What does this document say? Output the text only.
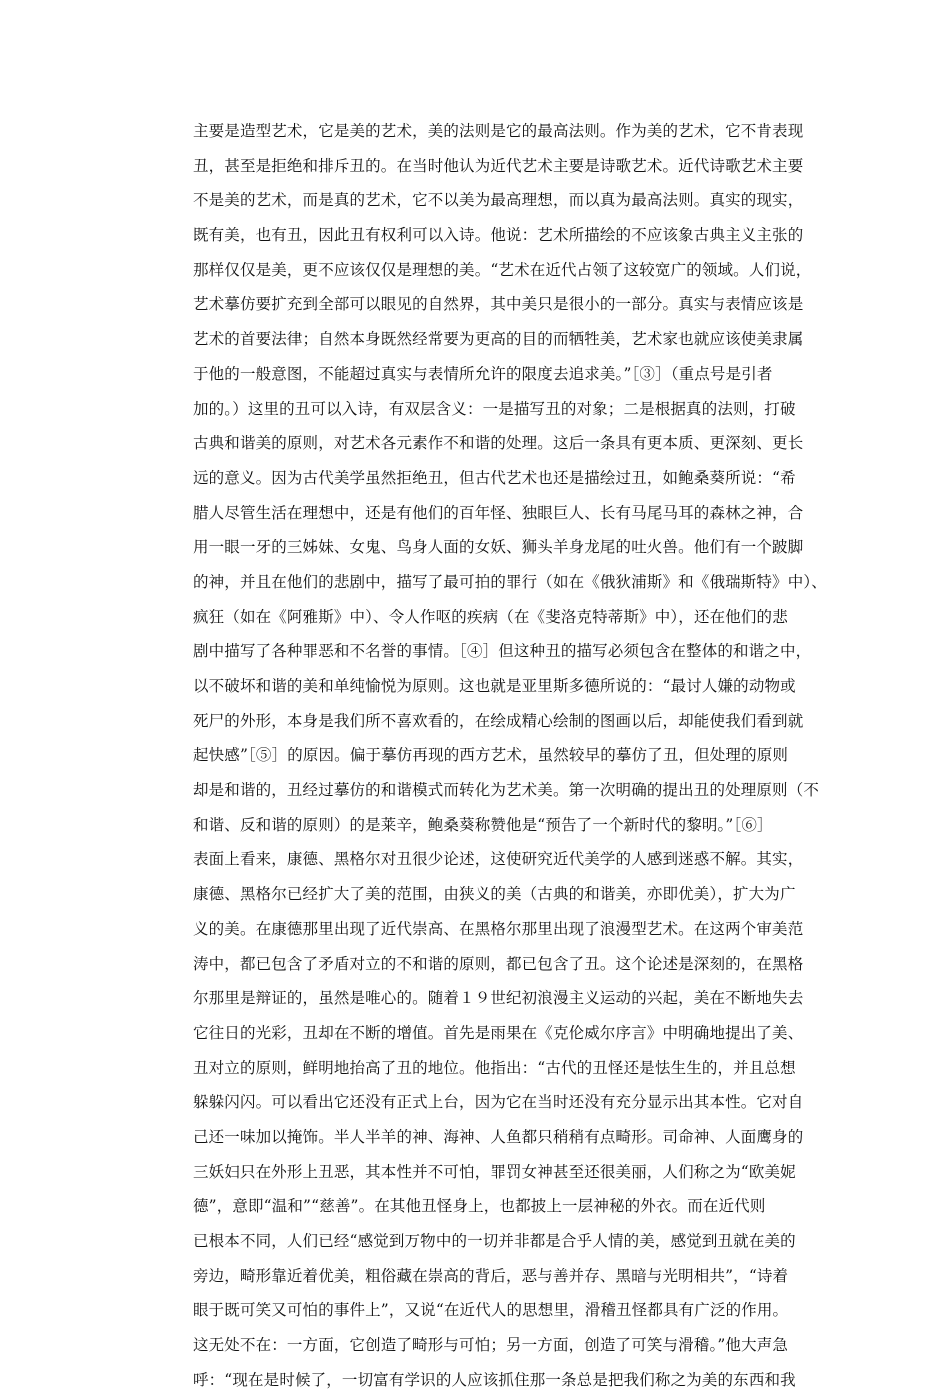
主要是造型艺术，它是美的艺术，美的法则是它的最高法则。作为美的艺术，它不肯表现
丑，甚至是拒绝和排斥丑的。在当时他认为近代艺术主要是诗歌艺术。近代诗歌艺术主要
不是美的艺术，而是真的艺术，它不以美为最高理想，而以真为最高法则。真实的现实，
既有美，也有丑，因此丑有权利可以入诗。他说：艺术所描绘的不应该象古典主义主张的
那样仅仅是美，更不应该仅仅是理想的美。“艺术在近代占领了这较宽广的领域。人们说，
艺术摹仿要扩充到全部可以眼见的自然界，其中美只是很小的一部分。真实与表情应该是
艺术的首要法律；自然本身既然经常要为更高的目的而牺牲美，艺术家也就应该使美隶属
于他的一般意图，不能超过真实与表情所允许的限度去追求美。”［③］（重点号是引者
加的。）这里的丑可以入诗，有双层含义：一是描写丑的对象；二是根据真的法则，打破
古典和谐美的原则，对艺术各元素作不和谐的处理。这后一条具有更本质、更深刻、更长
远的意义。因为古代美学虽然拒绝丑，但古代艺术也还是描绘过丑，如鲍桑葵所说：“希
腊人尽管生活在理想中，还是有他们的百年怪、独眼巨人、长有马尾马耳的森林之神，合
用一眼一牙的三姊妹、女鬼、鸟身人面的女妖、狮头羊身龙尾的吐火兽。他们有一个跛脚
的神，并且在他们的悲剧中，描写了最可拍的罪行（如在《俄狄浦斯》和《俄瑞斯特》中）、
疯狂（如在《阿雅斯》中）、令人作呕的疾病（在《斐洛克特蒂斯》中），还在他们的悲
剧中描写了各种罪恶和不名誉的事情。［④］但这种丑的描写必须包含在整体的和谐之中，
以不破坏和谐的美和单纯愉悦为原则。这也就是亚里斯多德所说的：“最讨人嫌的动物或
死尸的外形，本身是我们所不喜欢看的，在绘成精心绘制的图画以后，却能使我们看到就
起快感”［⑤］的原因。偏于摹仿再现的西方艺术，虽然较早的摹仿了丑，但处理的原则
却是和谐的，丑经过摹仿的和谐模式而转化为艺术美。第一次明确的提出丑的处理原则（不
和谐、反和谐的原则）的是莱辛，鲍桑葵称赞他是“预告了一个新时代的黎明。”［⑥］
表面上看来，康德、黑格尔对丑很少论述，这使研究近代美学的人感到迷惑不解。其实，
康德、黑格尔已经扩大了美的范围，由狭义的美（古典的和谐美，亦即优美），扩大为广
义的美。在康德那里出现了近代崇高、在黑格尔那里出现了浪漫型艺术。在这两个审美范
涛中，都已包含了矛盾对立的不和谐的原则，都已包含了丑。这个论述是深刻的，在黑格
尔那里是辩证的，虽然是唯心的。随着１９世纪初浪漫主义运动的兴起，美在不断地失去
它往日的光彩，丑却在不断的增值。首先是雨果在《克伦威尔序言》中明确地提出了美、
丑对立的原则，鲜明地抬高了丑的地位。他指出：“古代的丑怪还是怯生生的，并且总想
躲躲闪闪。可以看出它还没有正式上台，因为它在当时还没有充分显示出其本性。它对自
己还一味加以掩饰。半人半羊的神、海神、人鱼都只稍稍有点畸形。司命神、人面鹰身的
三妖妇只在外形上丑恶，其本性并不可怕，罪罚女神甚至还很美丽，人们称之为“欧美妮
德”，意即“温和”“慈善”。在其他丑怪身上，也都披上一层神秘的外衣。而在近代则
已根本不同，人们已经“感觉到万物中的一切并非都是合乎人情的美，感觉到丑就在美的
旁边，畸形靠近着优美，粗俗藏在崇高的背后，恶与善并存、黑暗与光明相共”，“诗着
眼于既可笑又可怕的事件上”，又说“在近代人的思想里，滑稽丑怪都具有广泛的作用。
这无处不在：一方面，它创造了畸形与可怕；另一方面，创造了可笑与滑稽。”他大声急
呼：“现在是时候了，一切富有学识的人应该抓住那一条总是把我们称之为美的东西和我
